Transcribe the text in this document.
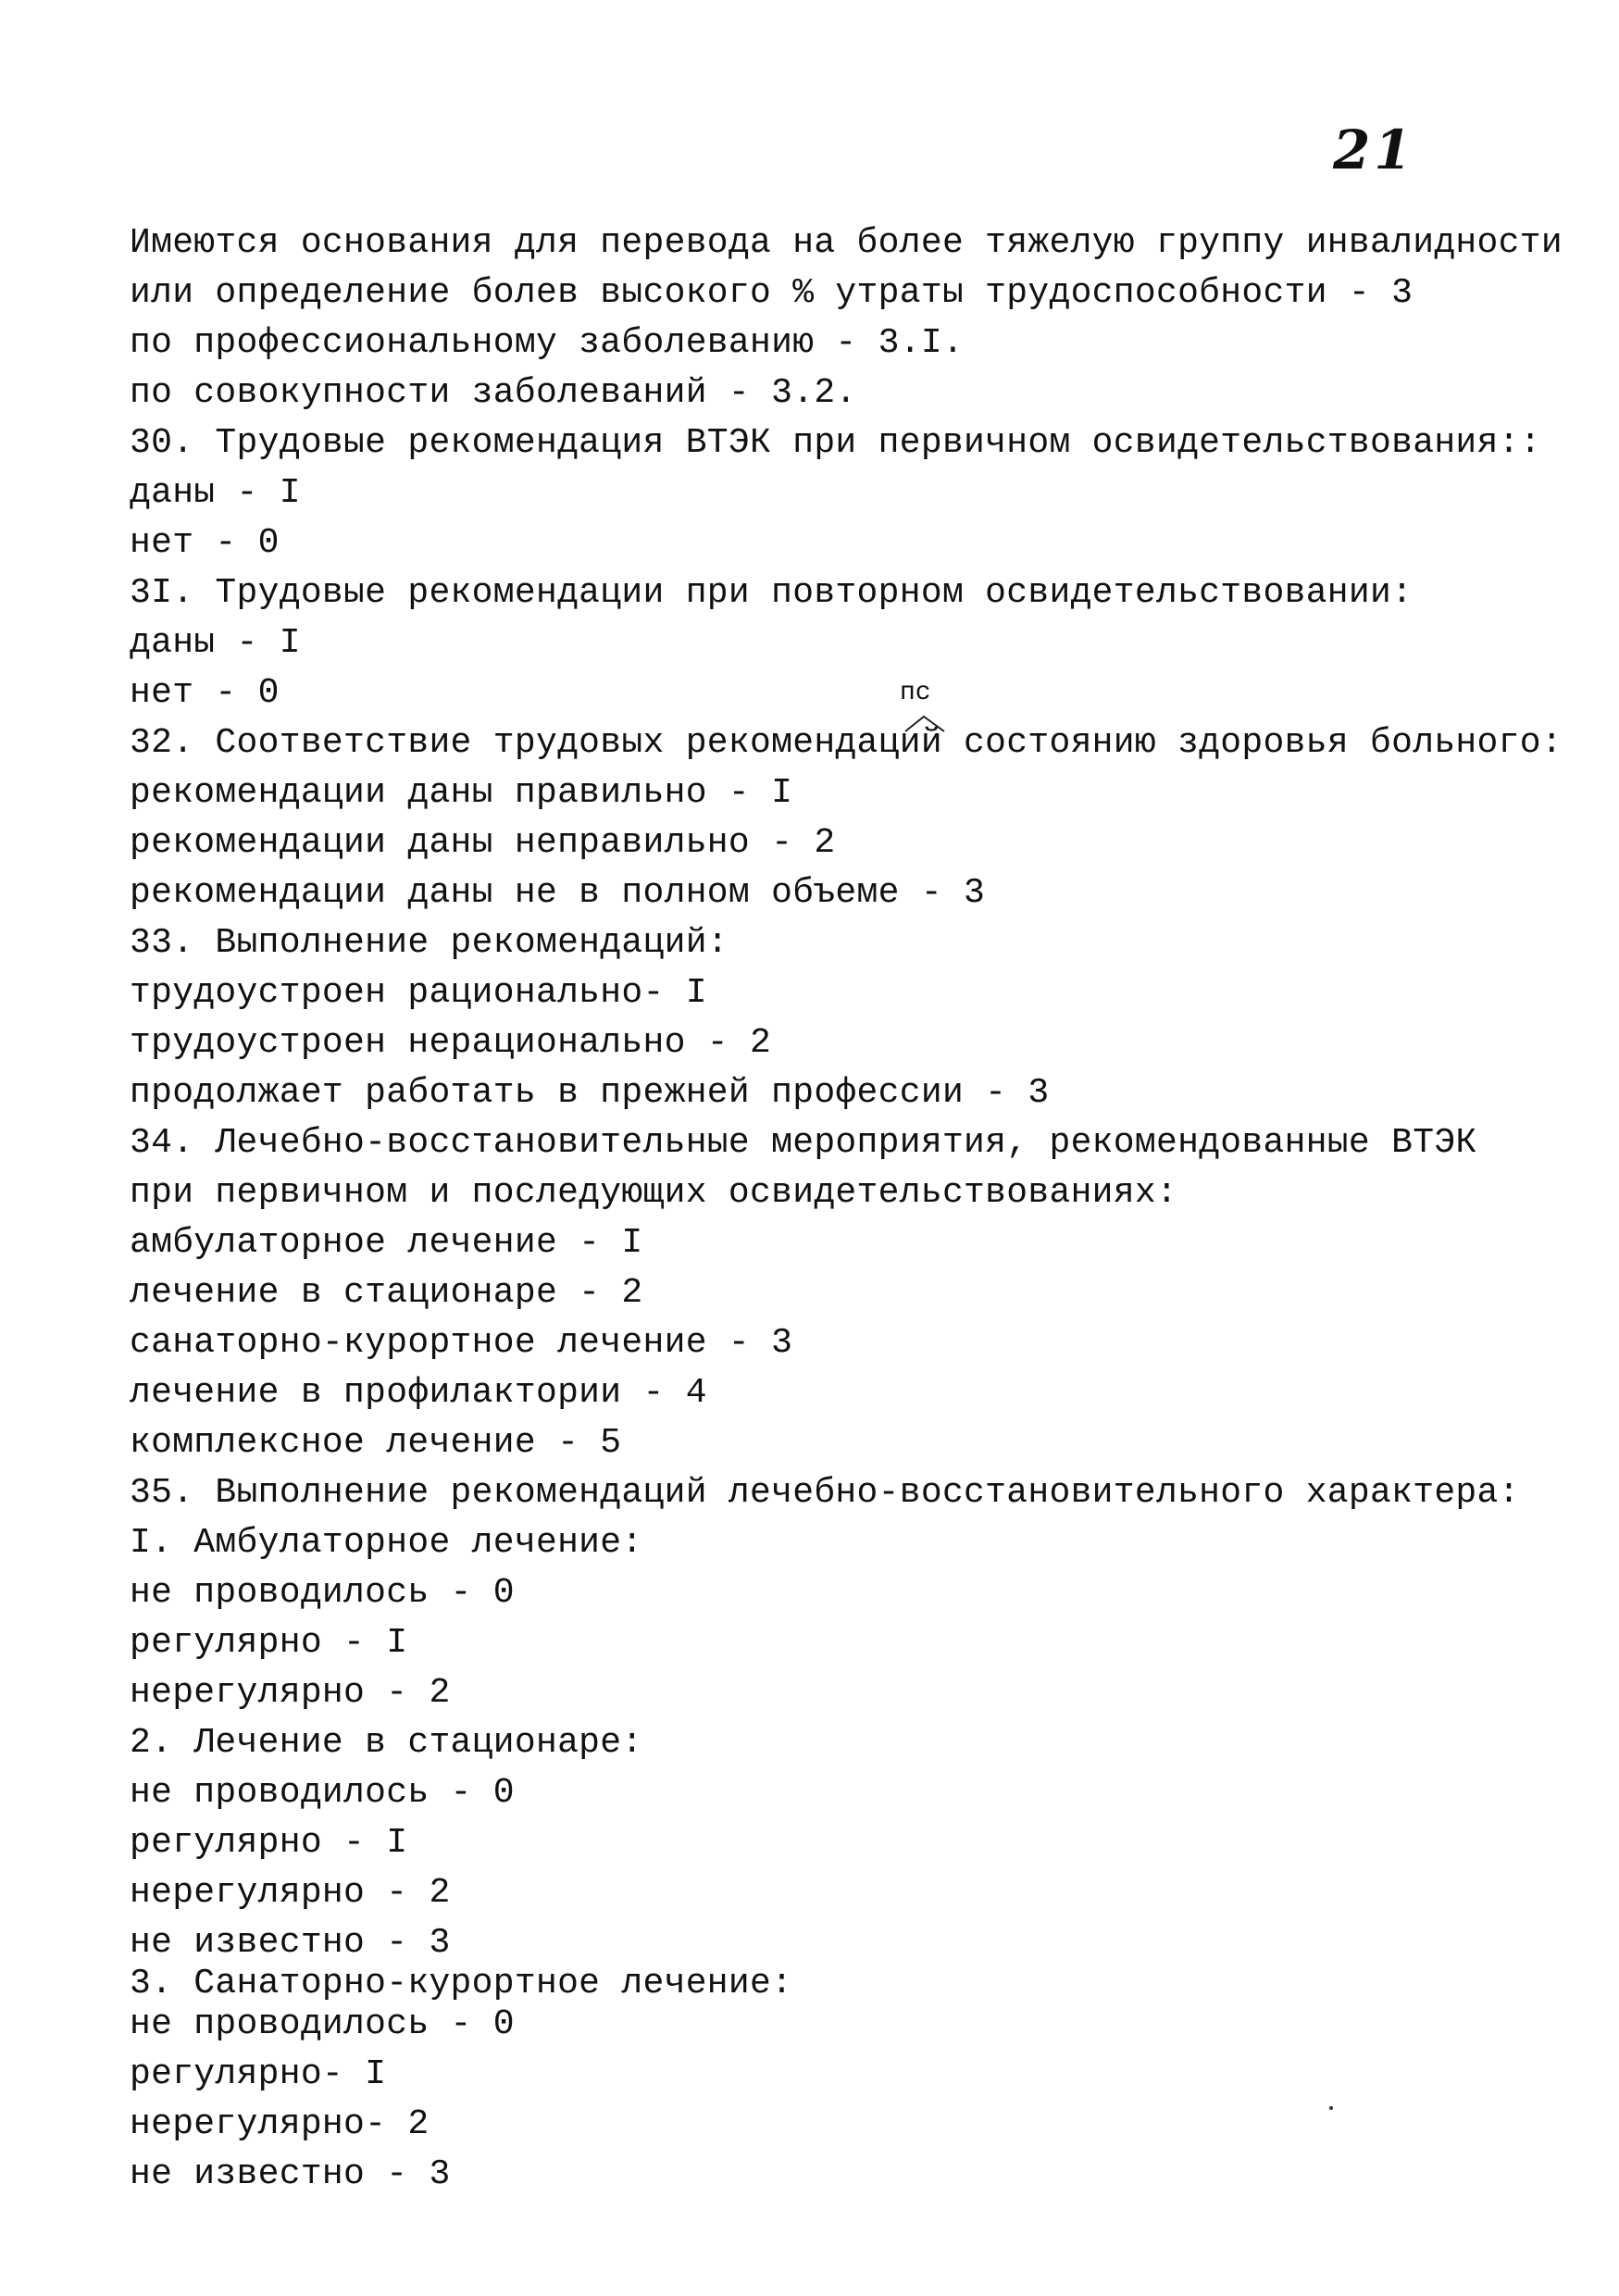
21
пс
Имеются основания для перевода на более тяжелую группу инвалидности
или определение болев высокого % утраты трудоспособности - 3
по профессиональному заболеванию - 3.I.
по совокупности заболеваний - 3.2.
30. Трудовые рекомендация ВТЭК при первичном освидетельствования::
даны - I
нет - 0
3I. Трудовые рекомендации при повторном освидетельствовании:
даны - I
нет - 0
32. Соответствие трудовых рекомендаций состоянию здоровья больного:
рекомендации даны правильно - I
рекомендации даны неправильно - 2
рекомендации даны не в полном объеме - 3
33. Выполнение рекомендаций:
трудоустроен рационально- I
трудоустроен нерационально - 2
продолжает работать в прежней профессии - 3
34. Лечебно-восстановительные мероприятия, рекомендованные ВТЭК
при первичном и последующих освидетельствованиях:
амбулаторное лечение - I
лечение в стационаре - 2
санаторно-курортное лечение - 3
лечение в профилактории - 4
комплексное лечение - 5
35. Выполнение рекомендаций лечебно-восстановительного характера:
I. Амбулаторное лечение:
не проводилось - 0
регулярно - I
нерегулярно - 2
2. Лечение в стационаре:
не проводилось - 0
регулярно - I
нерегулярно - 2
не известно - 3
3. Санаторно-курортное лечение:
не проводилось - 0
регулярно- I
нерегулярно- 2
не известно - 3
